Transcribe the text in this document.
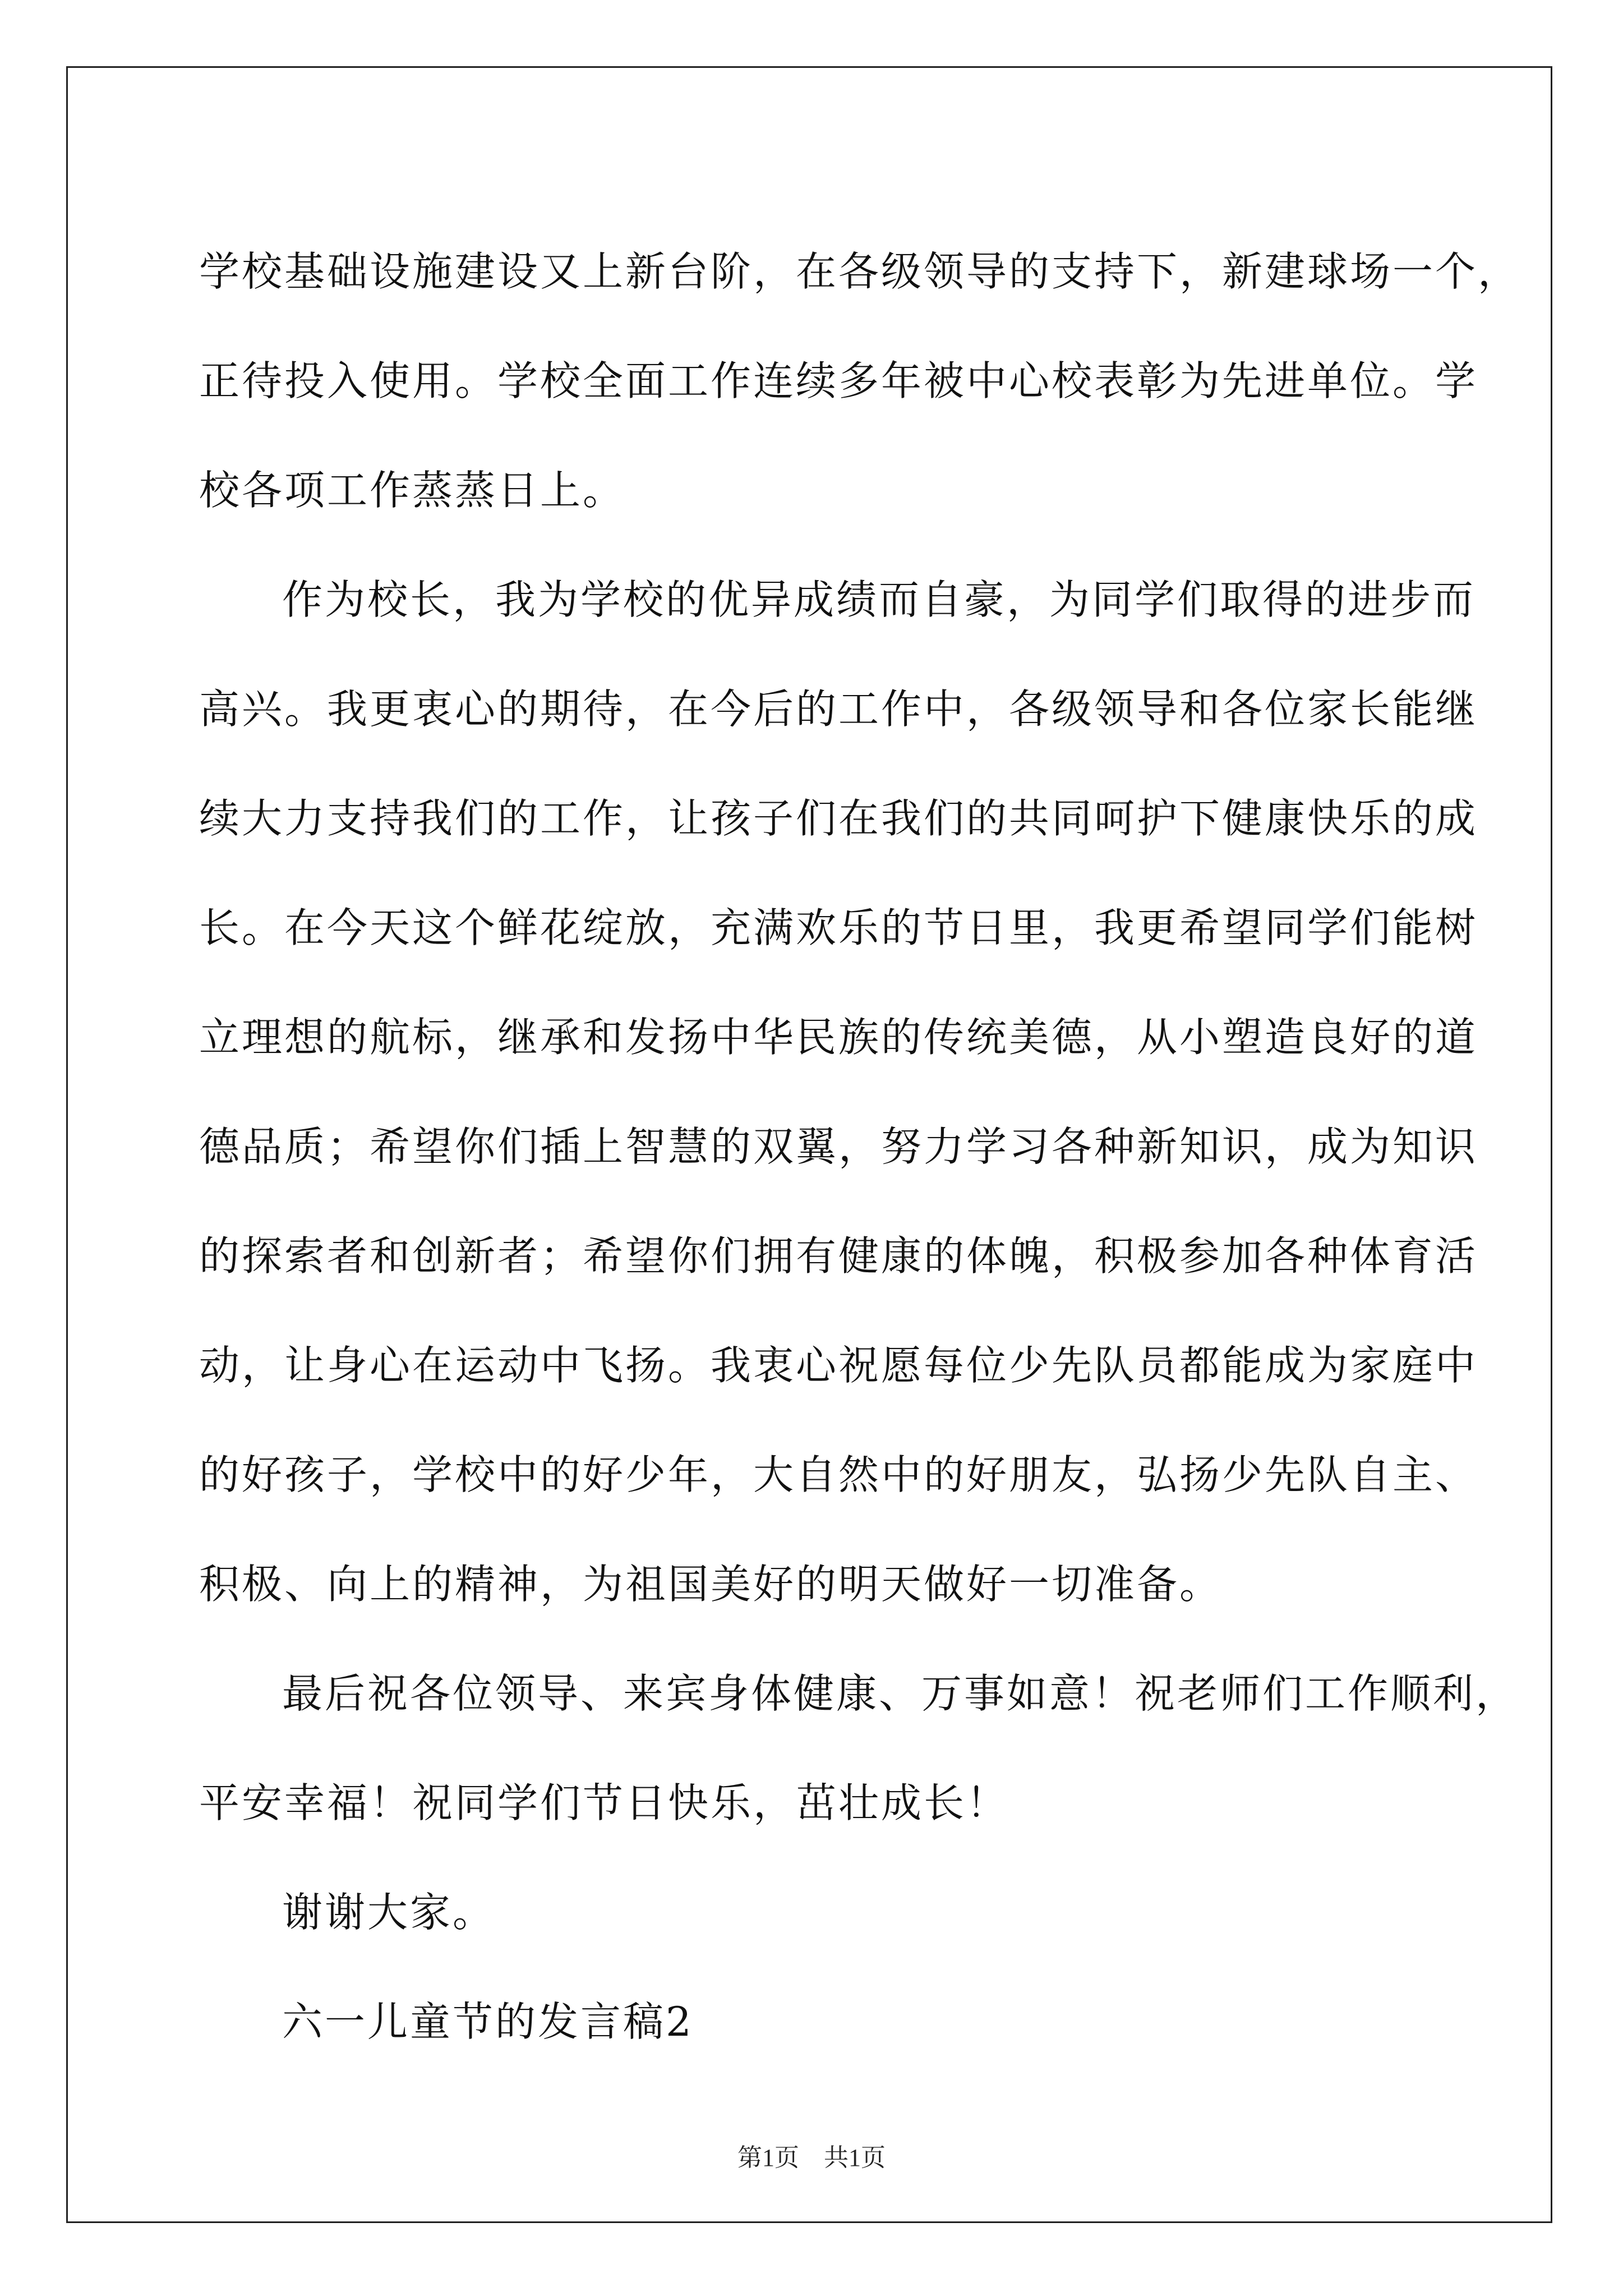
学校基础设施建设又上新台阶，在各级领导的支持下，新建球场一个，
正待投入使用。学校全面工作连续多年被中心校表彰为先进单位。学
校各项工作蒸蒸日上。
作为校长，我为学校的优异成绩而自豪，为同学们取得的进步而
高兴。我更衷心的期待，在今后的工作中，各级领导和各位家长能继
续大力支持我们的工作，让孩子们在我们的共同呵护下健康快乐的成
长。在今天这个鲜花绽放，充满欢乐的节日里，我更希望同学们能树
立理想的航标，继承和发扬中华民族的传统美德，从小塑造良好的道
德品质；希望你们插上智慧的双翼，努力学习各种新知识，成为知识
的探索者和创新者；希望你们拥有健康的体魄，积极参加各种体育活
动，让身心在运动中飞扬。我衷心祝愿每位少先队员都能成为家庭中
的好孩子，学校中的好少年，大自然中的好朋友，弘扬少先队自主、
积极、向上的精神，为祖国美好的明天做好一切准备。
最后祝各位领导、来宾身体健康、万事如意！祝老师们工作顺利，
平安幸福！祝同学们节日快乐，茁壮成长！
谢谢大家。
六一儿童节的发言稿2
第1页　共1页
